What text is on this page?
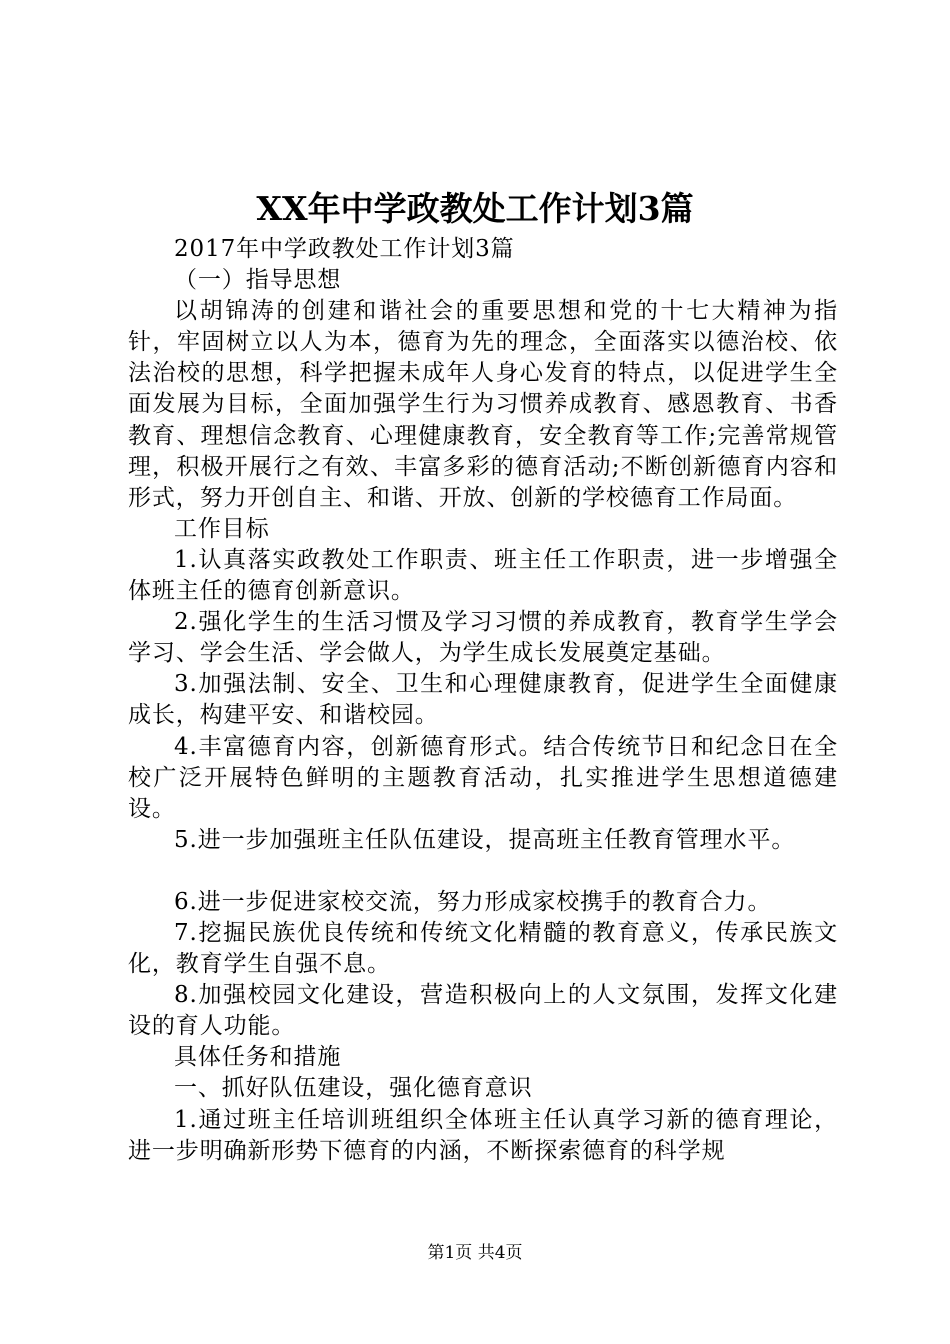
XX年中学政教处工作计划3篇

2017年中学政教处工作计划3篇

（一）指导思想

以胡锦涛的创建和谐社会的重要思想和党的十七大精神为指针，牢固树立以人为本，德育为先的理念，全面落实以德治校、依法治校的思想，科学把握未成年人身心发育的特点，以促进学生全面发展为目标，全面加强学生行为习惯养成教育、感恩教育、书香教育、理想信念教育、心理健康教育，安全教育等工作;完善常规管理，积极开展行之有效、丰富多彩的德育活动;不断创新德育内容和形式，努力开创自主、和谐、开放、创新的学校德育工作局面。

工作目标

1.认真落实政教处工作职责、班主任工作职责，进一步增强全体班主任的德育创新意识。

2.强化学生的生活习惯及学习习惯的养成教育，教育学生学会学习、学会生活、学会做人，为学生成长发展奠定基础。

3.加强法制、安全、卫生和心理健康教育，促进学生全面健康成长，构建平安、和谐校园。

4.丰富德育内容，创新德育形式。结合传统节日和纪念日在全校广泛开展特色鲜明的主题教育活动，扎实推进学生思想道德建设。

5.进一步加强班主任队伍建设，提高班主任教育管理水平。

6.进一步促进家校交流，努力形成家校携手的教育合力。

7.挖掘民族优良传统和传统文化精髓的教育意义，传承民族文化，教育学生自强不息。

8.加强校园文化建设，营造积极向上的人文氛围，发挥文化建设的育人功能。

具体任务和措施

一、抓好队伍建设，强化德育意识

1.通过班主任培训班组织全体班主任认真学习新的德育理论，进一步明确新形势下德育的内涵，不断探索德育的科学规

第1页 共4页
